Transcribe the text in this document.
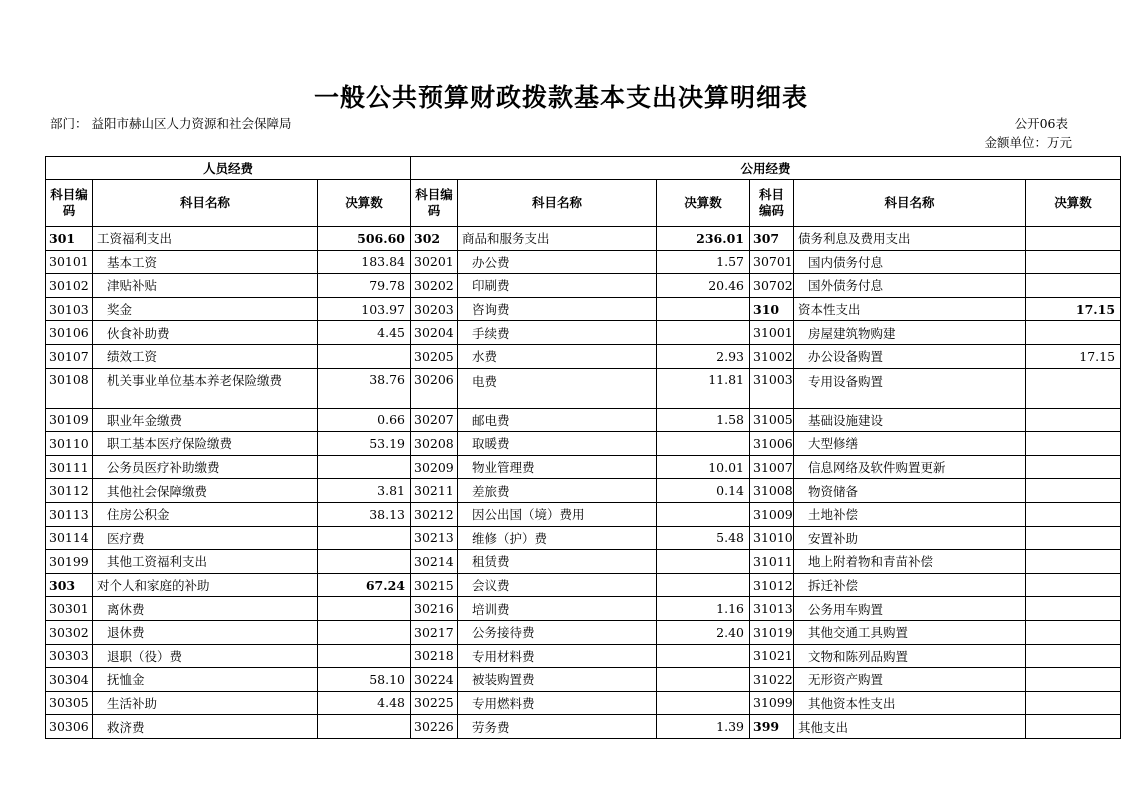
一般公共预算财政拨款基本支出决算明细表
部门： 益阳市赫山区人力资源和社会保障局	公开06表
金额单位：万元
人员经费			公用经费					
科目编码	科目名称	决算数	科目编码	科目名称	决算数	科目编码	科目名称	决算数
301	工资福利支出	506.60	302	商品和服务支出	236.01	307	债务利息及费用支出	
30101	基本工资	183.84	30201	办公费	1.57	30701	国内债务付息	
30102	津贴补贴	79.78	30202	印刷费	20.46	30702	国外债务付息	
30103	奖金	103.97	30203	咨询费		310	资本性支出	17.15
30106	伙食补助费	4.45	30204	手续费		31001	房屋建筑物购建	
30107	绩效工资		30205	水费	2.93	31002	办公设备购置	17.15
30108	机关事业单位基本养老保险缴费	38.76	30206	电费	11.81	31003	专用设备购置	
30109	职业年金缴费	0.66	30207	邮电费	1.58	31005	基础设施建设	
30110	职工基本医疗保险缴费	53.19	30208	取暖费		31006	大型修缮	
30111	公务员医疗补助缴费		30209	物业管理费	10.01	31007	信息网络及软件购置更新	
30112	其他社会保障缴费	3.81	30211	差旅费	0.14	31008	物资储备	
30113	住房公积金	38.13	30212	因公出国（境）费用		31009	土地补偿	
30114	医疗费		30213	维修（护）费	5.48	31010	安置补助	
30199	其他工资福利支出		30214	租赁费		31011	地上附着物和青苗补偿	
303	对个人和家庭的补助	67.24	30215	会议费		31012	拆迁补偿	
30301	离休费		30216	培训费	1.16	31013	公务用车购置	
30302	退休费		30217	公务接待费	2.40	31019	其他交通工具购置	
30303	退职（役）费		30218	专用材料费		31021	文物和陈列品购置	
30304	抚恤金	58.10	30224	被装购置费		31022	无形资产购置	
30305	生活补助	4.48	30225	专用燃料费		31099	其他资本性支出	
30306	救济费		30226	劳务费	1.39	399	其他支出	
